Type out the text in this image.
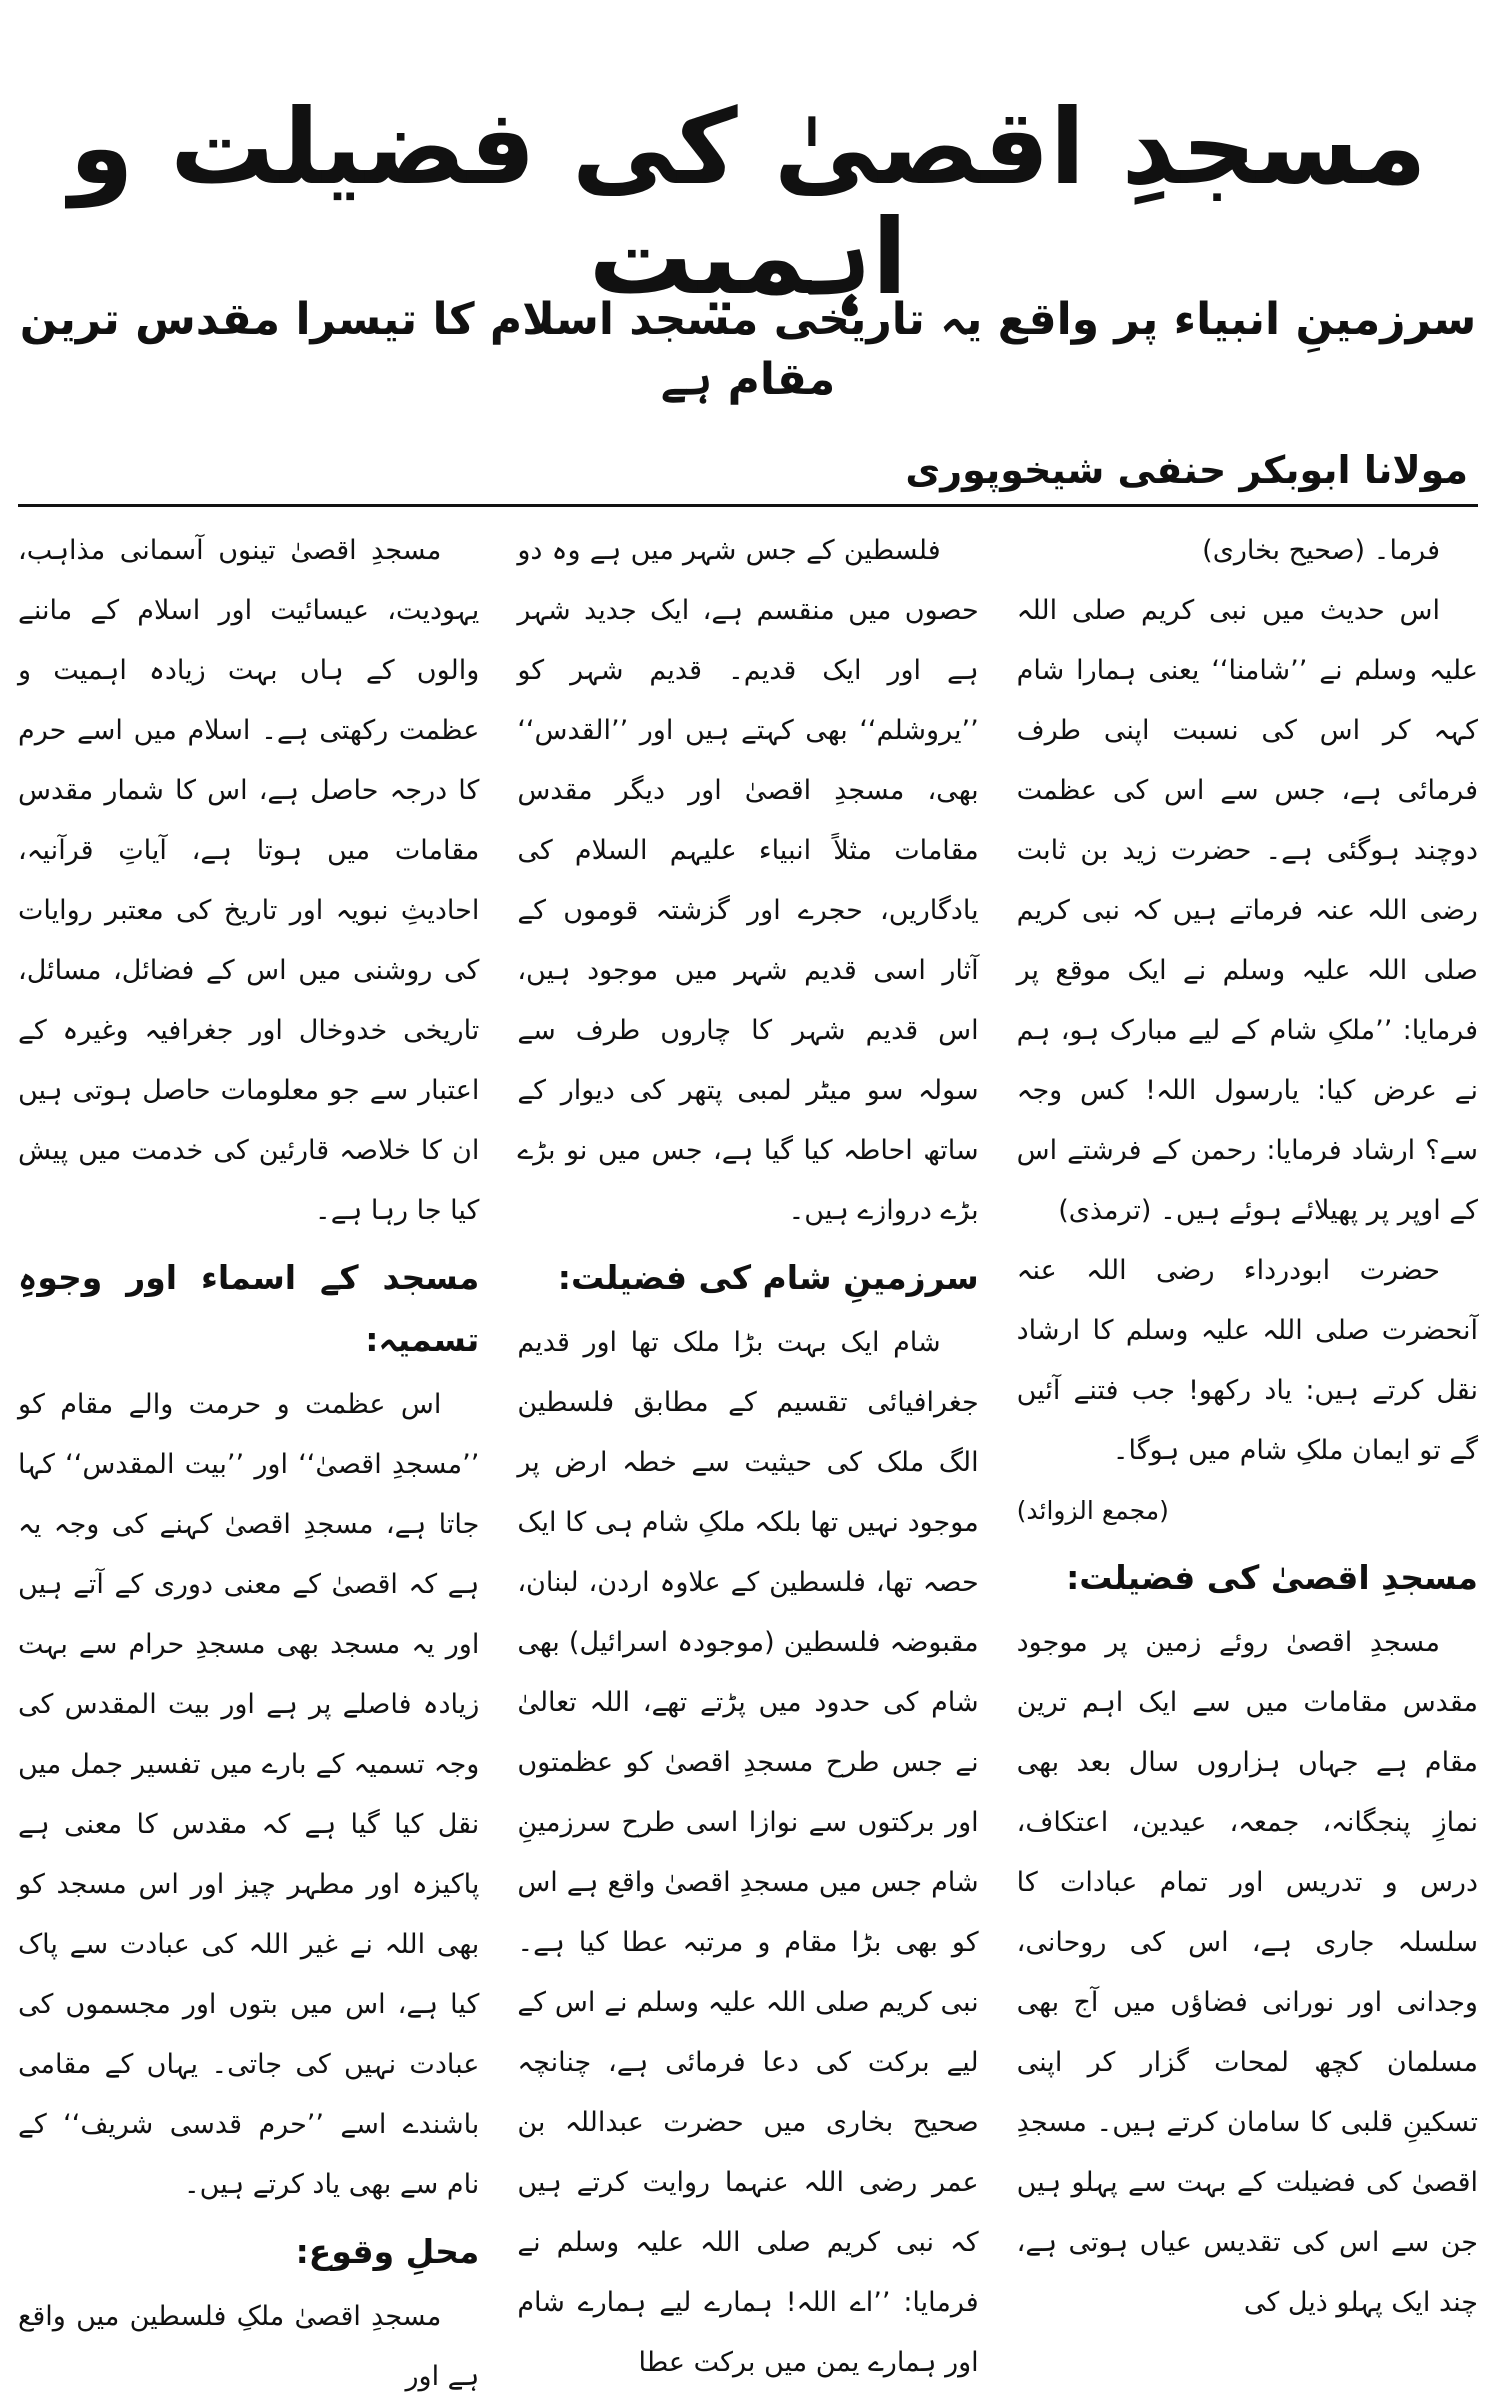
مسجدِ اقصیٰ کی فضیلت و اہمیت
سرزمینِ انبیاء پر واقع یہ تاریخی مسجد اسلام کا تیسرا مقدس ترین مقام ہے
مولانا ابوبکر حنفی شیخوپوری

مسجدِ اقصیٰ تینوں آسمانی مذاہب، یہودیت، عیسائیت اور اسلام کے ماننے والوں کے ہاں بہت زیادہ اہمیت و عظمت رکھتی ہے۔ اسلام میں اسے حرم کا درجہ حاصل ہے، اس کا شمار مقدس مقامات میں ہوتا ہے، آیاتِ قرآنیہ، احادیثِ نبویہ اور تاریخ کی معتبر روایات کی روشنی میں اس کے فضائل، مسائل، تاریخی خدوخال اور جغرافیہ وغیرہ کے اعتبار سے جو معلومات حاصل ہوتی ہیں ان کا خلاصہ قارئین کی خدمت میں پیش کیا جا رہا ہے۔

مسجد کے اسماء اور وجوہِ تسمیہ:

اس عظمت و حرمت والے مقام کو ’’مسجدِ اقصیٰ‘‘ اور ’’بیت المقدس‘‘ کہا جاتا ہے، مسجدِ اقصیٰ کہنے کی وجہ یہ ہے کہ اقصیٰ کے معنی دوری کے آتے ہیں اور یہ مسجد بھی مسجدِ حرام سے بہت زیادہ فاصلے پر ہے اور بیت المقدس کی وجہ تسمیہ کے بارے میں تفسیر جمل میں نقل کیا گیا ہے کہ مقدس کا معنی ہے پاکیزہ اور مطہر چیز اور اس مسجد کو بھی اللہ نے غیر اللہ کی عبادت سے پاک کیا ہے، اس میں بتوں اور مجسموں کی عبادت نہیں کی جاتی۔ یہاں کے مقامی باشندے اسے ’’حرم قدسی شریف‘‘ کے نام سے بھی یاد کرتے ہیں۔

محلِ وقوع:

مسجدِ اقصیٰ ملکِ فلسطین میں واقع ہے اور

فلسطین کے جس شہر میں ہے وہ دو حصوں میں منقسم ہے، ایک جدید شہر ہے اور ایک قدیم۔ قدیم شہر کو ’’یروشلم‘‘ بھی کہتے ہیں اور ’’القدس‘‘ بھی، مسجدِ اقصیٰ اور دیگر مقدس مقامات مثلاً انبیاء علیہم السلام کی یادگاریں، حجرے اور گزشتہ قوموں کے آثار اسی قدیم شہر میں موجود ہیں، اس قدیم شہر کا چاروں طرف سے سولہ سو میٹر لمبی پتھر کی دیوار کے ساتھ احاطہ کیا گیا ہے، جس میں نو بڑے بڑے دروازے ہیں۔

سرزمینِ شام کی فضیلت:

شام ایک بہت بڑا ملک تھا اور قدیم جغرافیائی تقسیم کے مطابق فلسطین الگ ملک کی حیثیت سے خطہ ارض پر موجود نہیں تھا بلکہ ملکِ شام ہی کا ایک حصہ تھا، فلسطین کے علاوہ اردن، لبنان، مقبوضہ فلسطین (موجودہ اسرائیل) بھی شام کی حدود میں پڑتے تھے، اللہ تعالیٰ نے جس طرح مسجدِ اقصیٰ کو عظمتوں اور برکتوں سے نوازا اسی طرح سرزمینِ شام جس میں مسجدِ اقصیٰ واقع ہے اس کو بھی بڑا مقام و مرتبہ عطا کیا ہے۔ نبی کریم صلی اللہ علیہ وسلم نے اس کے لیے برکت کی دعا فرمائی ہے، چنانچہ صحیح بخاری میں حضرت عبداللہ بن عمر رضی اللہ عنہما روایت کرتے ہیں کہ نبی کریم صلی اللہ علیہ وسلم نے فرمایا: ’’اے اللہ! ہمارے لیے ہمارے شام اور ہمارے یمن میں برکت عطا

فرما۔ (صحیح بخاری)

اس حدیث میں نبی کریم صلی اللہ علیہ وسلم نے ’’شامنا‘‘ یعنی ہمارا شام کہہ کر اس کی نسبت اپنی طرف فرمائی ہے، جس سے اس کی عظمت دوچند ہوگئی ہے۔ حضرت زید بن ثابت رضی اللہ عنہ فرماتے ہیں کہ نبی کریم صلی اللہ علیہ وسلم نے ایک موقع پر فرمایا: ’’ملکِ شام کے لیے مبارک ہو، ہم نے عرض کیا: یارسول اللہ! کس وجہ سے؟ ارشاد فرمایا: رحمن کے فرشتے اس کے اوپر پر پھیلائے ہوئے ہیں۔ (ترمذی)

حضرت ابودرداء رضی اللہ عنہ آنحضرت صلی اللہ علیہ وسلم کا ارشاد نقل کرتے ہیں: یاد رکھو! جب فتنے آئیں گے تو ایمان ملکِ شام میں ہوگا۔

(مجمع الزوائد)

مسجدِ اقصیٰ کی فضیلت:

مسجدِ اقصیٰ روئے زمین پر موجود مقدس مقامات میں سے ایک اہم ترین مقام ہے جہاں ہزاروں سال بعد بھی نمازِ پنجگانہ، جمعہ، عیدین، اعتکاف، درس و تدریس اور تمام عبادات کا سلسلہ جاری ہے، اس کی روحانی، وجدانی اور نورانی فضاؤں میں آج بھی مسلمان کچھ لمحات گزار کر اپنی تسکینِ قلبی کا سامان کرتے ہیں۔ مسجدِ اقصیٰ کی فضیلت کے بہت سے پہلو ہیں جن سے اس کی تقدیس عیاں ہوتی ہے، چند ایک پہلو ذیل کی
